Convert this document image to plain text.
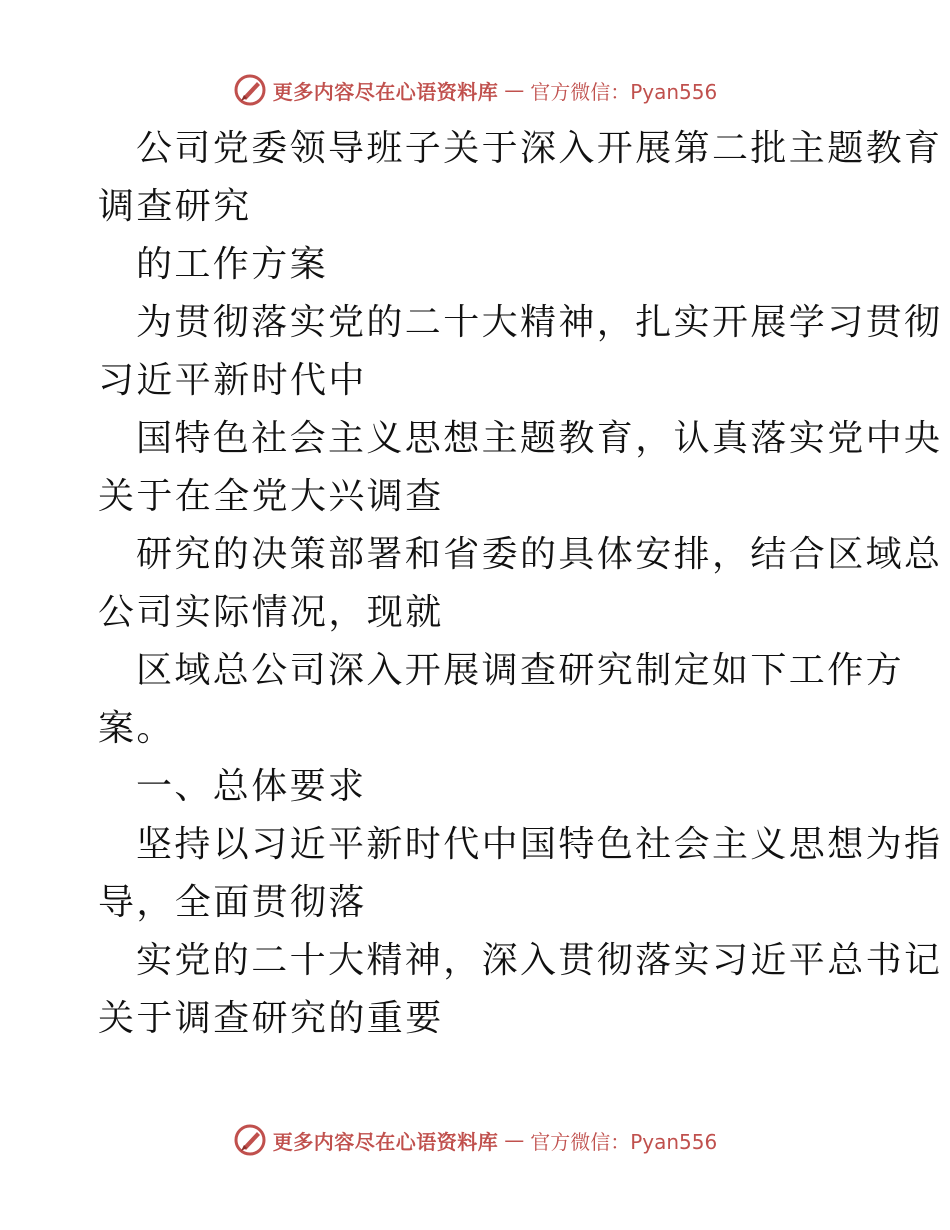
更多内容尽在心语资料库 — 官方微信：Pyan556
公司党委领导班子关于深入开展第二批主题教育
调查研究
的工作方案
为贯彻落实党的二十大精神，扎实开展学习贯彻
习近平新时代中
国特色社会主义思想主题教育，认真落实党中央
关于在全党大兴调查
研究的决策部署和省委的具体安排，结合区域总
公司实际情况，现就
区域总公司深入开展调查研究制定如下工作方
案。
一、总体要求
坚持以习近平新时代中国特色社会主义思想为指
导，全面贯彻落
实党的二十大精神，深入贯彻落实习近平总书记
关于调查研究的重要
更多内容尽在心语资料库 — 官方微信：Pyan556
